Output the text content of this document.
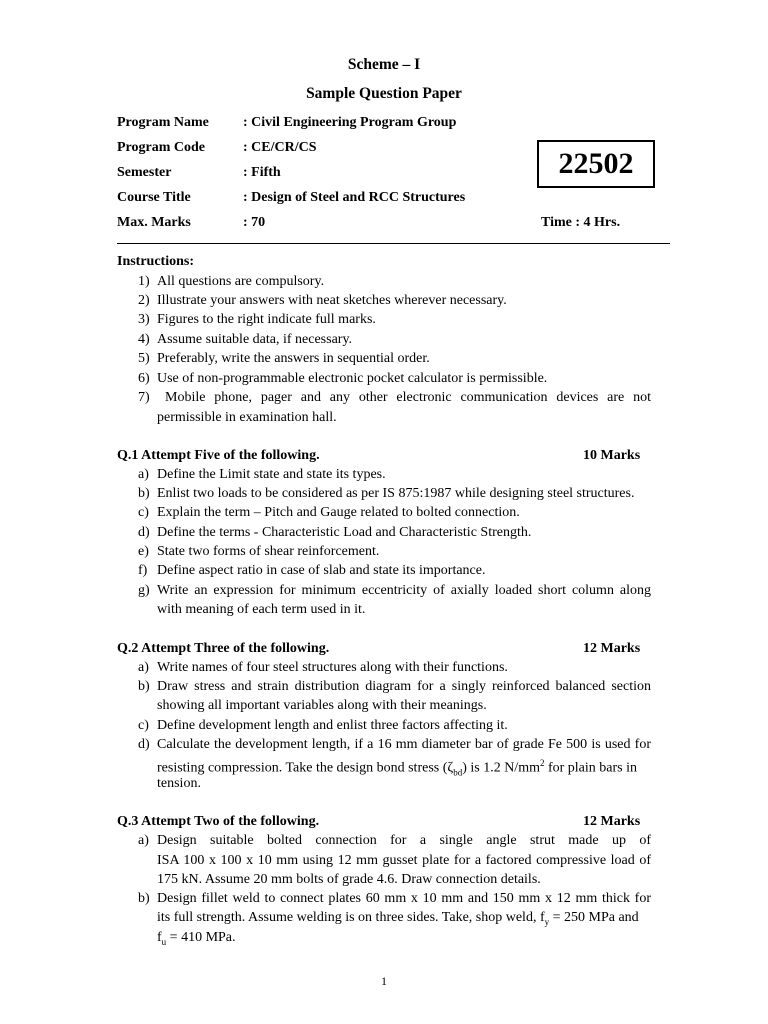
Scheme – I
Sample Question Paper
Program Name : Civil Engineering Program Group
Program Code	: CE/CR/CS
Semester	: Fifth
Course Title	: Design of Steel and RCC Structures
Max. Marks	: 70	Time : 4 Hrs.
22502
Instructions:
1) All questions are compulsory.
2) Illustrate your answers with neat sketches wherever necessary.
3) Figures to the right indicate full marks.
4) Assume suitable data, if necessary.
5) Preferably, write the answers in sequential order.
6) Use of non-programmable electronic pocket calculator is permissible.
7) Mobile phone, pager and any other electronic communication devices are not
permissible in examination hall.
Q.1 Attempt Five of the following.	10 Marks
a) Define the Limit state and state its types.
b) Enlist two loads to be considered as per IS 875:1987 while designing steel structures.
c) Explain the term – Pitch and Gauge related to bolted connection.
d) Define the terms - Characteristic Load and Characteristic Strength.
e) State two forms of shear reinforcement.
f) Define aspect ratio in case of slab and state its importance.
g) Write an expression for minimum eccentricity of axially loaded short column along
with meaning of each term used in it.
Q.2 Attempt Three of the following.	12 Marks
a) Write names of four steel structures along with their functions.
b) Draw stress and strain distribution diagram for a singly reinforced balanced section
showing all important variables along with their meanings.
c) Define development length and enlist three factors affecting it.
d) Calculate the development length, if a 16 mm diameter bar of grade Fe 500 is used for
resisting compression. Take the design bond stress $(\zeta_{bd})$ is 1.2 $N/mm^2$ for plain bars in
tension.
Q.3 Attempt Two of the following.	12 Marks
a) Design suitable bolted connection for a single angle strut made up of
ISA 100 x 100 x 10 mm using 12 mm gusset plate for a factored compressive load of
175 kN. Assume 20 mm bolts of grade 4.6. Draw connection details.
b) Design fillet weld to connect plates 60 mm x 10 mm and 150 mm x 12 mm thick for
its full strength. Assume welding is on three sides. Take, shop weld, $f_y = 250$ MPa and
$f_u = 410$ MPa.
1
